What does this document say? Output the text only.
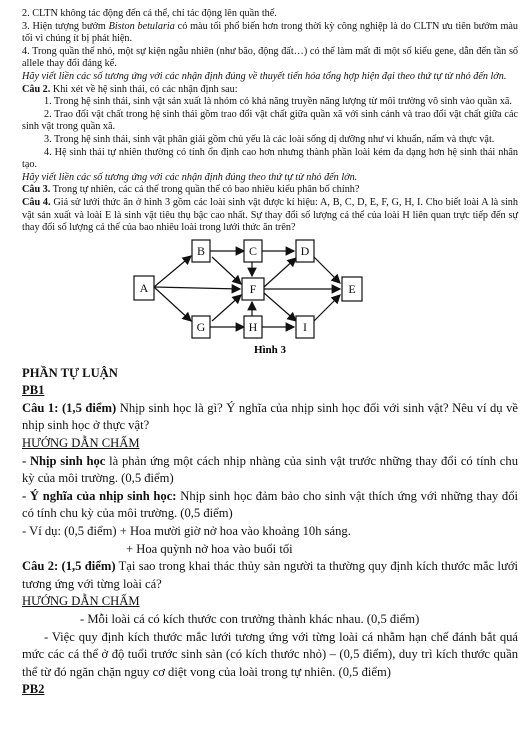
2. CLTN không tác động đến cá thể, chỉ tác động lên quần thể.

3. Hiện tượng bướm Biston betularia có màu tối phổ biến hơn trong thời kỳ công nghiệp là do CLTN ưu tiên bướm màu tối vì chúng ít bị phát hiện.

4. Trong quần thể nhỏ, một sự kiện ngẫu nhiên (như bão, động đất…) có thể làm mất đi một số kiểu gene, dẫn đến tần số allele thay đổi đáng kể.

Hãy viết liền các số tương ứng với các nhận định đúng về thuyết tiến hóa tổng hợp hiện đại theo thứ tự từ nhỏ đến lớn.

Câu 2. Khi xét về hệ sinh thái, có các nhận định sau:

1. Trong hệ sinh thái, sinh vật sản xuất là nhóm có khả năng truyền năng lượng từ môi trường vô sinh vào quần xã.

2. Trao đổi vật chất trong hệ sinh thái gồm trao đổi vật chất giữa quần xã với sinh cảnh và trao đổi vật chất giữa các sinh vật trong quần xã.

3. Trong hệ sinh thái, sinh vật phân giải gồm chủ yếu là các loài sống dị dưỡng như vi khuẩn, nấm và thực vật.

4. Hệ sinh thái tự nhiên thường có tính ổn định cao hơn nhưng thành phần loài kém đa dạng hơn hệ sinh thái nhân tạo.

Hãy viết liền các số tương ứng với các nhận định đúng theo thứ tự từ nhỏ đến lớn.

Câu 3. Trong tự nhiên, các cá thể trong quần thể có bao nhiêu kiểu phân bố chính?

Câu 4. Giả sử lưới thức ăn ở hình 3 gồm các loài sinh vật được kí hiệu: A, B, C, D, E, F, G, H, I. Cho biết loài A là sinh vật sản xuất và loài E là sinh vật tiêu thụ bậc cao nhất. Sự thay đổi số lượng cá thể của loài H liên quan trực tiếp đến sự thay đổi số lượng cá thể của bao nhiêu loài trong lưới thức ăn trên?

A
B	C	D
E
F
G	H	I
Hình 3

PHẦN TỰ LUẬN

PB1

Câu 1: (1,5 điểm) Nhịp sinh học là gì? Ý nghĩa của nhịp sinh học đối với sinh vật? Nêu ví dụ về nhịp sinh học ở thực vật?

HƯỚNG DẪN CHẤM

- Nhịp sinh học là phản ứng một cách nhịp nhàng của sinh vật trước những thay đổi có tính chu kỳ của môi trường. (0,5 điểm)

- Ý nghĩa của nhịp sinh học: Nhịp sinh học đảm bảo cho sinh vật thích ứng với những thay đổi có tính chu kỳ của môi trường. (0,5 điểm)

- Ví dụ: (0,5 điểm) + Hoa mười giờ nở hoa vào khoảng 10h sáng.

+ Hoa quỳnh nở hoa vào buổi tối

Câu 2: (1,5 điểm) Tại sao trong khai thác thủy sản người ta thường quy định kích thước mắc lưới tương ứng với từng loài cá?

HƯỚNG DẪN CHẤM

- Mỗi loài cá có kích thước con trưởng thành khác nhau. (0,5 điểm)

- Việc quy định kích thước mắc lưới tương ứng với từng loài cá nhằm hạn chế đánh bắt quá mức các cá thể ở độ tuổi trước sinh sản (có kích thước nhỏ) – (0,5 điểm), duy trì kích thước quần thể từ đó ngăn chặn nguy cơ diệt vong của loài trong tự nhiên. (0,5 điểm)

PB2
